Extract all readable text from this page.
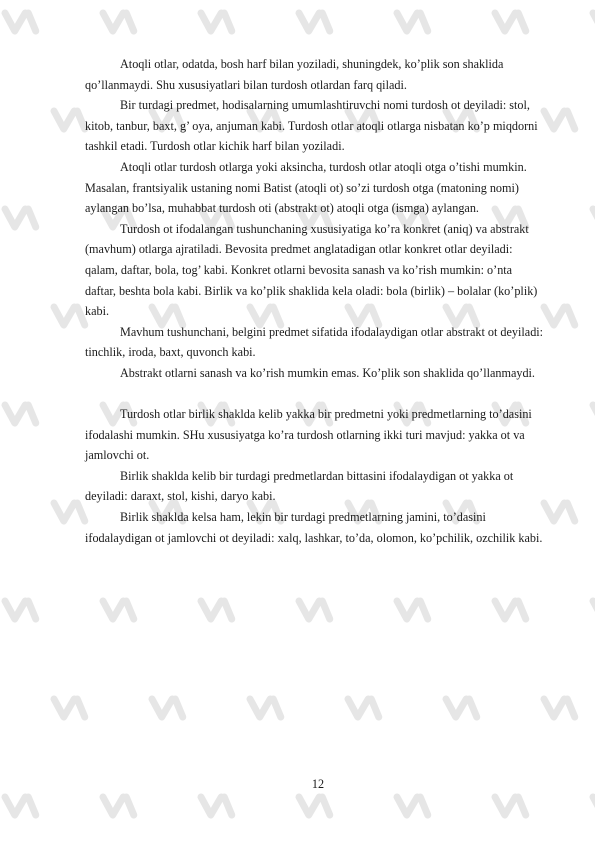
Atoqli otlar, odatda, bosh harf bilan yoziladi, shuningdek, ko’plik son shaklida qo’llanmaydi. Shu xususiyatlari bilan turdosh otlardan farq qiladi.

Bir turdagi predmet, hodisalarning umumlashtiruvchi nomi turdosh ot deyiladi: stol, kitob, tanbur, baxt, g’ oya, anjuman kabi. Turdosh otlar atoqli otlarga nisbatan ko’p miqdorni tashkil etadi. Turdosh otlar kichik harf bilan yoziladi.

Atoqli otlar turdosh otlarga yoki aksincha, turdosh otlar atoqli otga o’tishi mumkin. Masalan, frantsiyalik ustaning nomi Batist (atoqli ot) so’zi turdosh otga (matoning nomi) aylangan bo’lsa, muhabbat turdosh oti (abstrakt ot) atoqli otga (ismga) aylangan.

Turdosh ot ifodalangan tushunchaning xususiyatiga ko’ra konkret (aniq) va abstrakt (mavhum) otlarga ajratiladi. Bevosita predmet anglatadigan otlar konkret otlar deyiladi: qalam, daftar, bola, tog’ kabi. Konkret otlarni bevosita sanash va ko’rish mumkin: o’nta daftar, beshta bola kabi. Birlik va ko’plik shaklida kela oladi: bola (birlik) – bolalar (ko’plik) kabi.

Mavhum tushunchani, belgini predmet sifatida ifodalaydigan otlar abstrakt ot deyiladi: tinchlik, iroda, baxt, quvonch kabi.

Abstrakt otlarni sanash va ko’rish mumkin emas. Ko’plik son shaklida qo’llanmaydi.

Turdosh otlar birlik shaklda kelib yakka bir predmetni yoki predmetlarning to’dasini ifodalashi mumkin. SHu xususiyatga ko’ra turdosh otlarning ikki turi mavjud: yakka ot va jamlovchi ot.

Birlik shaklda kelib bir turdagi predmetlardan bittasini ifodalaydigan ot yakka ot deyiladi: daraxt, stol, kishi, daryo kabi.

Birlik shaklda kelsa ham, lekin bir turdagi predmetlarning jamini, to’dasini ifodalaydigan ot jamlovchi ot deyiladi: xalq, lashkar, to’da, olomon, ko’pchilik, ozchilik kabi.

12
